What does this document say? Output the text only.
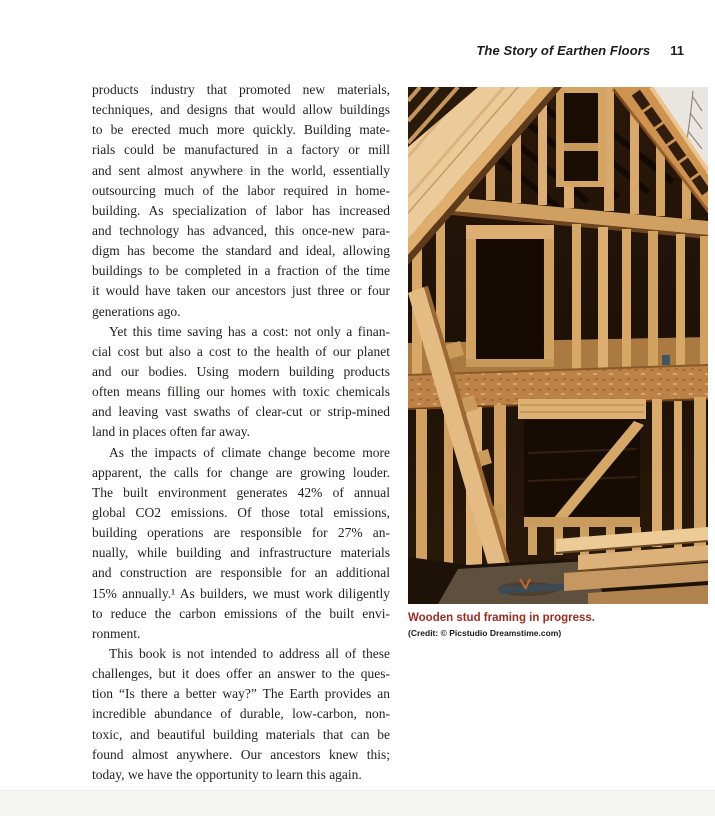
The Story of Earthen Floors 11
products industry that promoted new materials,
techniques, and designs that would allow buildings
to be erected much more quickly. Building mate-
rials could be manufactured in a factory or mill
and sent almost anywhere in the world, essentially
outsourcing much of the labor required in home-
building. As specialization of labor has increased
and technology has advanced, this once-new para-
digm has become the standard and ideal, allowing
buildings to be completed in a fraction of the time
it would have taken our ancestors just three or four
generations ago.
Yet this time saving has a cost: not only a finan-
cial cost but also a cost to the health of our planet
and our bodies. Using modern building products
often means filling our homes with toxic chemicals
and leaving vast swaths of clear-cut or strip-mined
land in places often far away.
As the impacts of climate change become more
apparent, the calls for change are growing louder.
The built environment generates 42% of annual
global CO2 emissions. Of those total emissions,
building operations are responsible for 27% an-
nually, while building and infrastructure materials
and construction are responsible for an additional
15% annually.¹ As builders, we must work diligently
to reduce the carbon emissions of the built envi-
ronment.
This book is not intended to address all of these
challenges, but it does offer an answer to the ques-
tion “Is there a better way?” The Earth provides an
incredible abundance of durable, low-carbon, non-
toxic, and beautiful building materials that can be
found almost anywhere. Our ancestors knew this;
today, we have the opportunity to learn this again.
Wooden stud framing in progress.
(Credit: © Picstudio Dreamstime.com)
